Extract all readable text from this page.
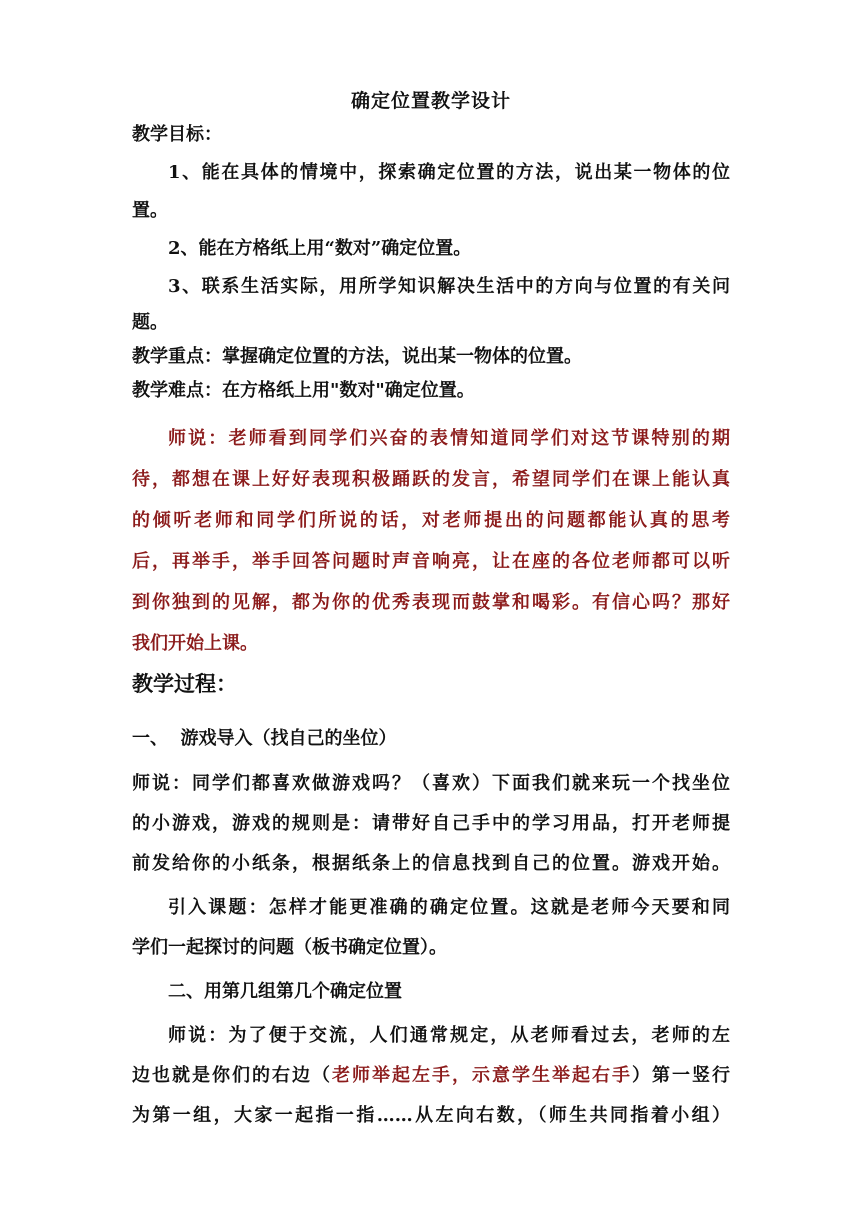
确定位置教学设计

教学目标：

1、能在具体的情境中，探索确定位置的方法，说出某一物体的位

置。

2、能在方格纸上用“数对”确定位置。

3、联系生活实际，用所学知识解决生活中的方向与位置的有关问

题。

教学重点：掌握确定位置的方法，说出某一物体的位置。

教学难点：在方格纸上用"数对"确定位置。

师说：老师看到同学们兴奋的表情知道同学们对这节课特别的期
待，都想在课上好好表现积极踊跃的发言，希望同学们在课上能认真
的倾听老师和同学们所说的话，对老师提出的问题都能认真的思考
后，再举手，举手回答问题时声音响亮，让在座的各位老师都可以听
到你独到的见解，都为你的优秀表现而鼓掌和喝彩。有信心吗？那好
我们开始上课。

教学过程：

一、  游戏导入（找自己的坐位）

师说：同学们都喜欢做游戏吗？（喜欢）下面我们就来玩一个找坐位
的小游戏，游戏的规则是：请带好自己手中的学习用品，打开老师提
前发给你的小纸条，根据纸条上的信息找到自己的位置。游戏开始。
引入课题：怎样才能更准确的确定位置。这就是老师今天要和同
学们一起探讨的问题（板书确定位置）。

二、用第几组第几个确定位置

师说：为了便于交流，人们通常规定，从老师看过去，老师的左
边也就是你们的右边（老师举起左手，示意学生举起右手）第一竖行
为第一组，大家一起指一指……从左向右数，（师生共同指着小组）
